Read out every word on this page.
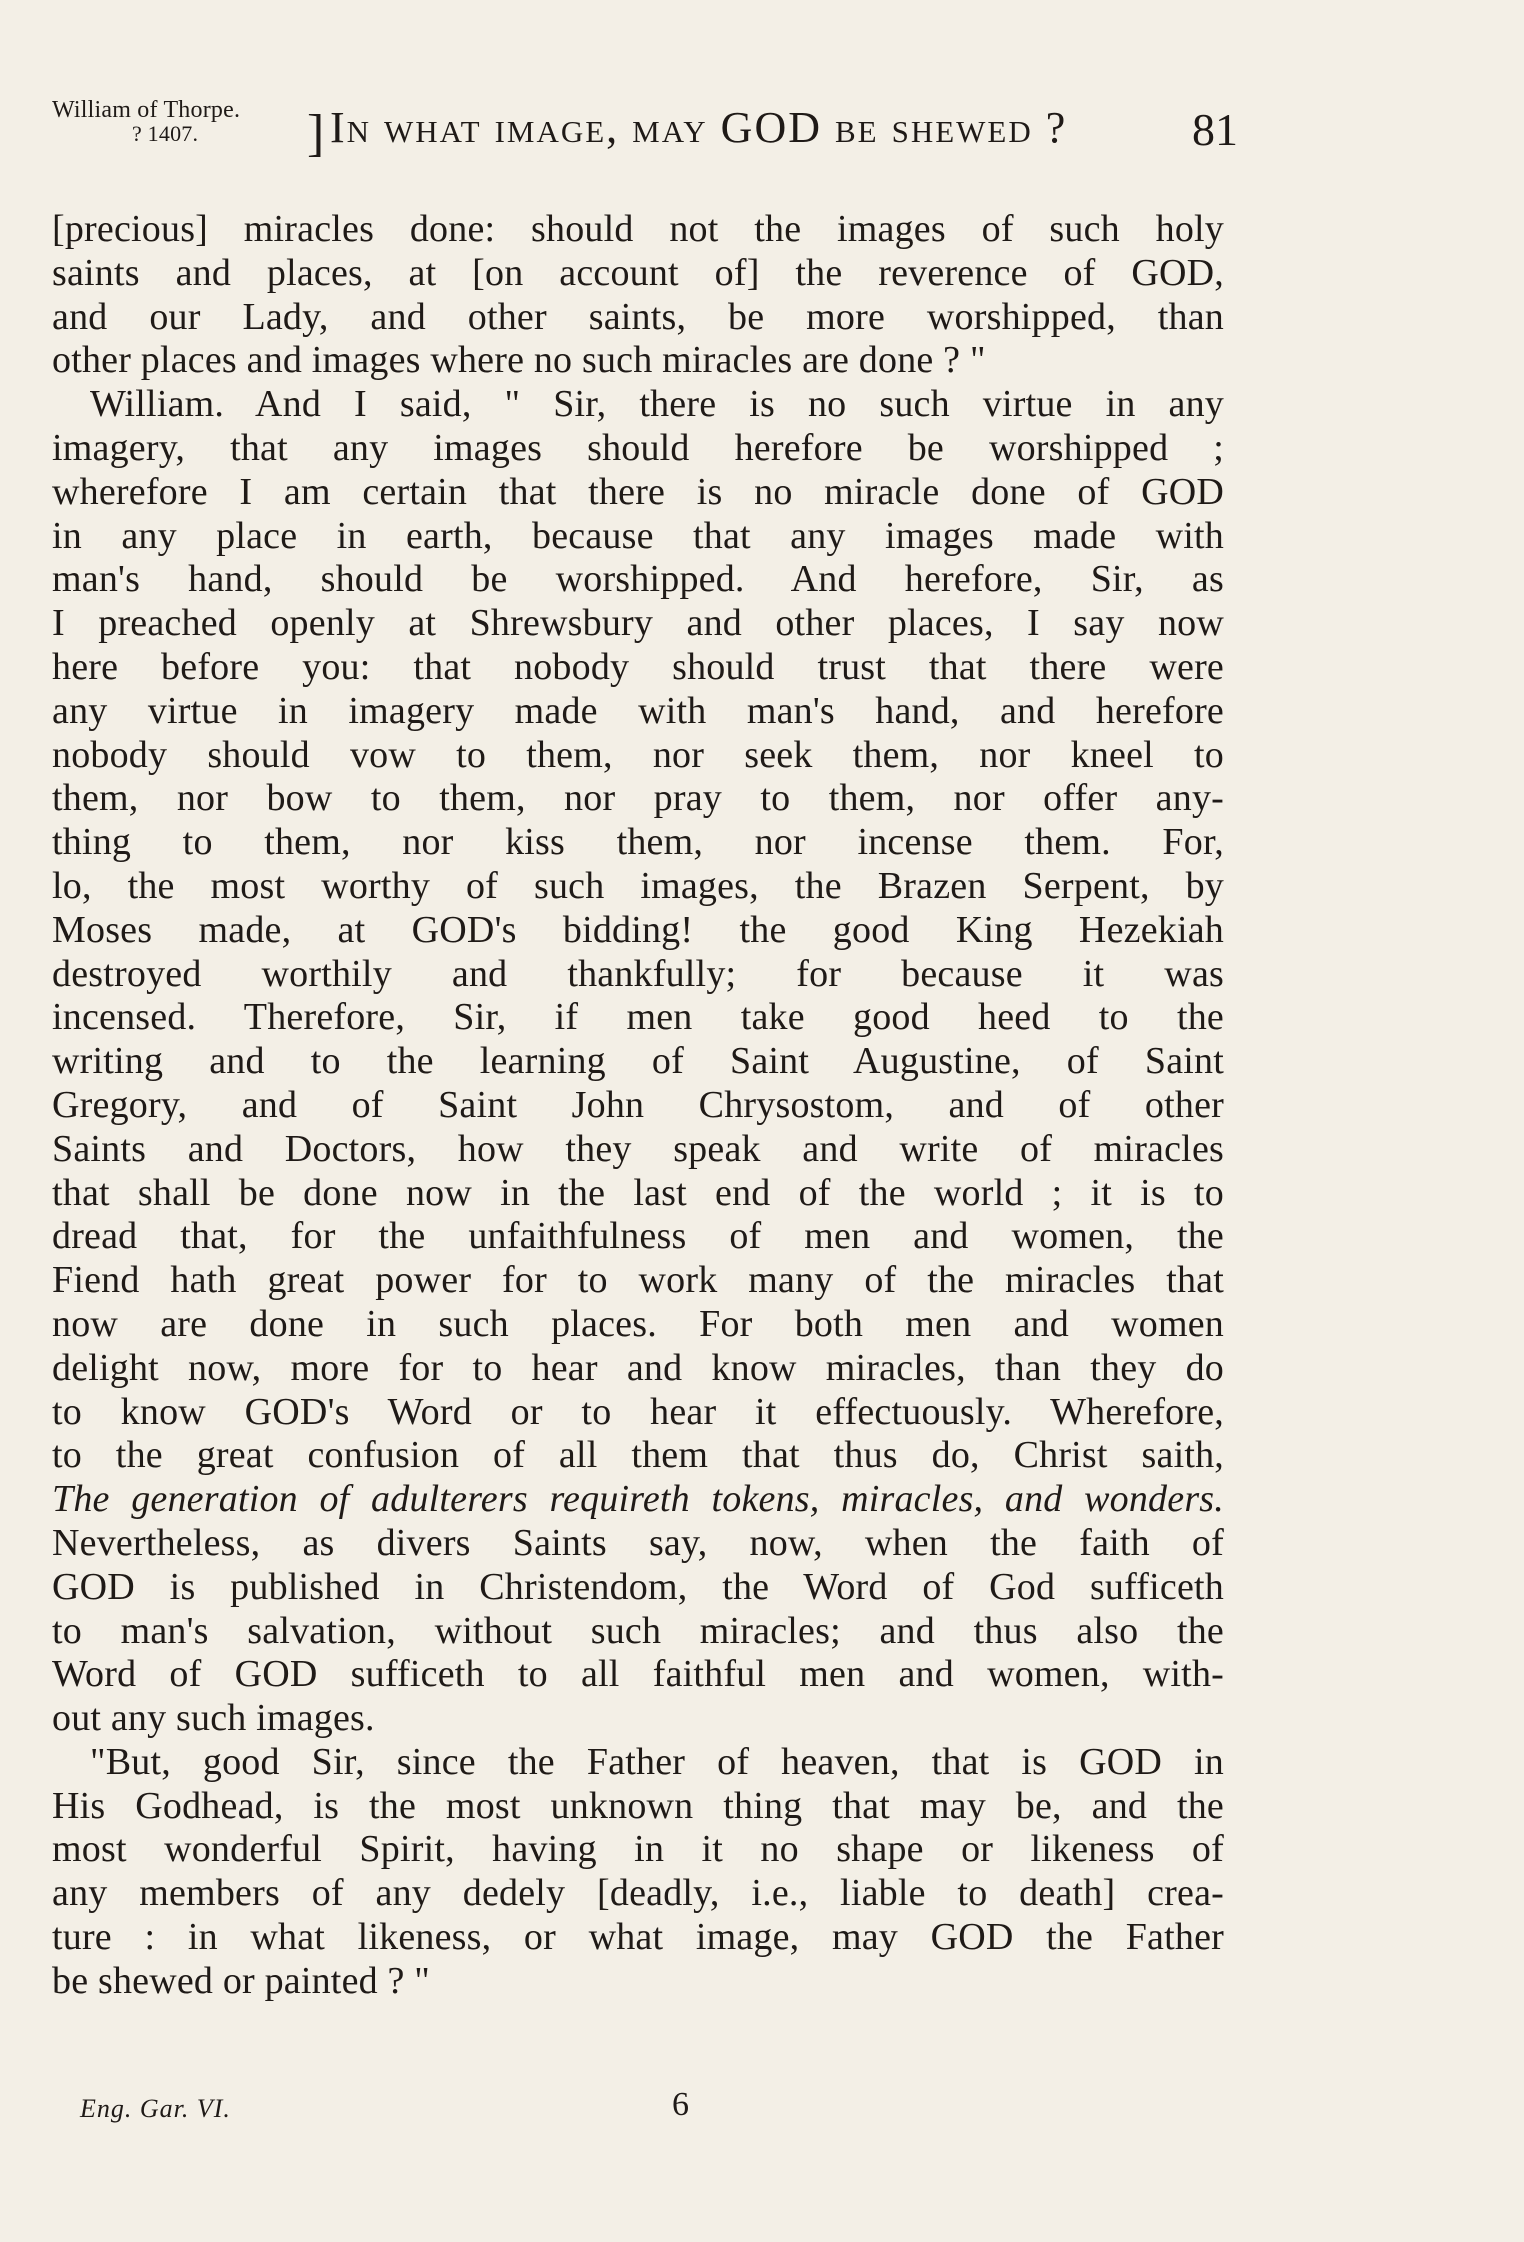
William of Thorpe.
? 1407.	] In what image, may GOD be shewed ?	81
[precious] miracles done: should not the images of such holy
saints and places, at [on account of] the reverence of GOD,
and our Lady, and other saints, be more worshipped, than
other places and images where no such miracles are done ? "
William. And I said, " Sir, there is no such virtue in any
imagery, that any images should herefore be worshipped ;
wherefore I am certain that there is no miracle done of GOD
in any place in earth, because that any images made with
man's hand, should be worshipped. And herefore, Sir, as
I preached openly at Shrewsbury and other places, I say now
here before you: that nobody should trust that there were
any virtue in imagery made with man's hand, and herefore
nobody should vow to them, nor seek them, nor kneel to
them, nor bow to them, nor pray to them, nor offer any-
thing to them, nor kiss them, nor incense them. For,
lo, the most worthy of such images, the Brazen Serpent, by
Moses made, at GOD's bidding! the good King Hezekiah
destroyed worthily and thankfully; for because it was
incensed. Therefore, Sir, if men take good heed to the
writing and to the learning of Saint Augustine, of Saint
Gregory, and of Saint John Chrysostom, and of other
Saints and Doctors, how they speak and write of miracles
that shall be done now in the last end of the world ; it is to
dread that, for the unfaithfulness of men and women, the
Fiend hath great power for to work many of the miracles that
now are done in such places. For both men and women
delight now, more for to hear and know miracles, than they do
to know GOD's Word or to hear it effectuously. Wherefore,
to the great confusion of all them that thus do, Christ saith,
The generation of adulterers requireth tokens, miracles, and wonders.
Nevertheless, as divers Saints say, now, when the faith of
GOD is published in Christendom, the Word of God sufficeth
to man's salvation, without such miracles; and thus also the
Word of GOD sufficeth to all faithful men and women, with-
out any such images.
"But, good Sir, since the Father of heaven, that is GOD in
His Godhead, is the most unknown thing that may be, and the
most wonderful Spirit, having in it no shape or likeness of
any members of any dedely [deadly, i.e., liable to death] crea-
ture : in what likeness, or what image, may GOD the Father
be shewed or painted ? "
Eng. Gar. VI.	6
